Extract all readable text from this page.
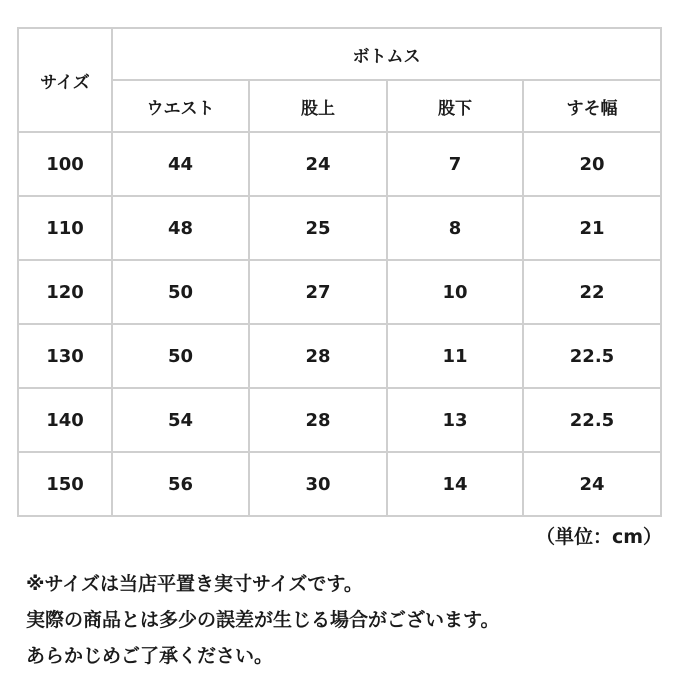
サイズ	ボトムス			
	ウエスト	股上	股下	すそ幅
100	44	24	7	20
110	48	25	8	21
120	50	27	10	22
130	50	28	11	22.5
140	54	28	13	22.5
150	56	30	14	24
（単位：cm）
※サイズは当店平置き実寸サイズです。
実際の商品とは多少の誤差が生じる場合がございます。
あらかじめご了承ください。
